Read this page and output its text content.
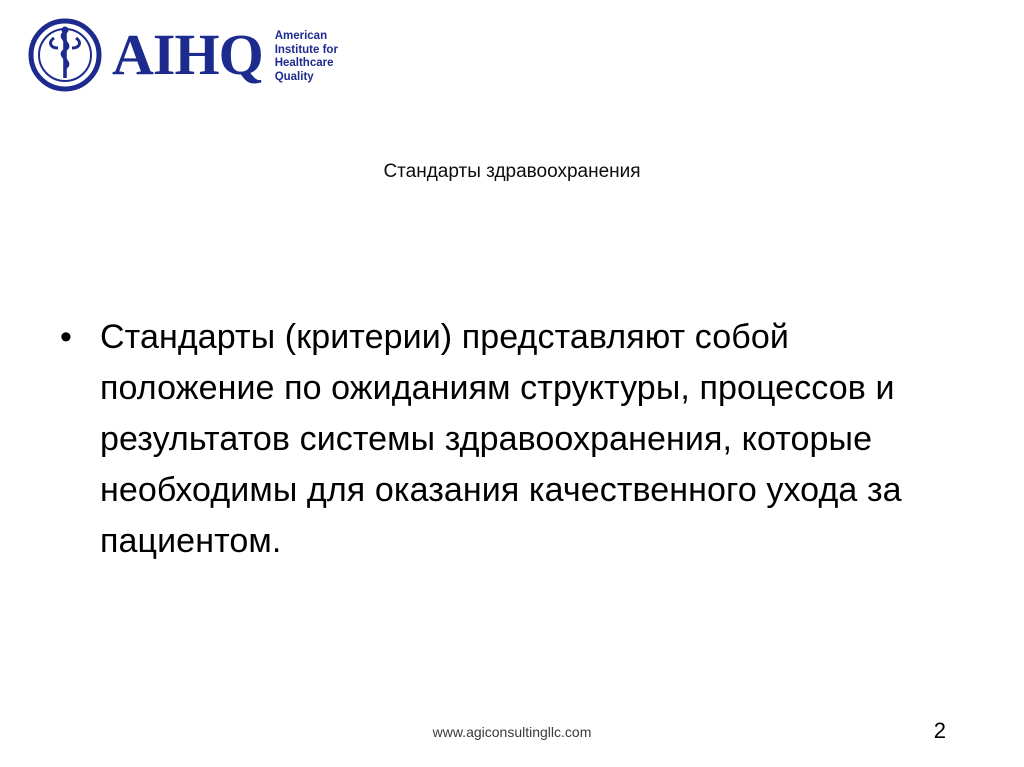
AIHQ American
Institute for
Healthcare
Quality
Стандарты здравоохранения
• Стандарты (критерии) представляют собой положение по ожиданиям структуры, процессов и результатов системы здравоохранения, которые необходимы для оказания качественного ухода за пациентом.
www.agiconsultingllc.com	2
